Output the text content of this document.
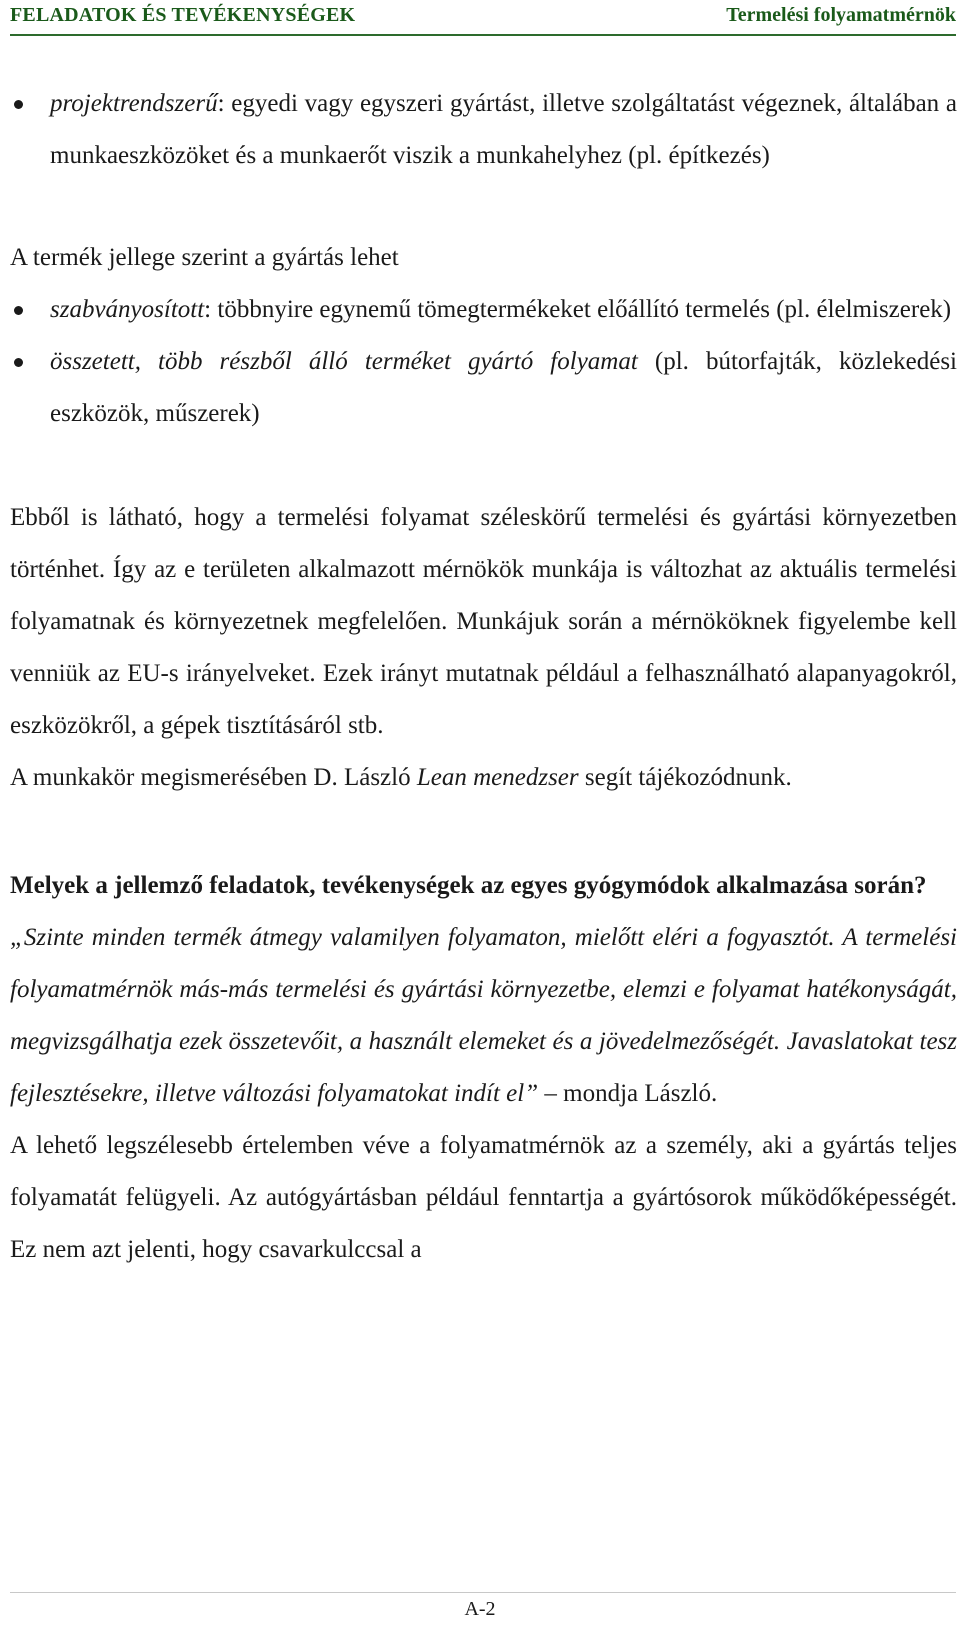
FELADATOK ÉS TEVÉKENYSÉGEK	Termelési folyamatmérnök

projektrendszerű: egyedi vagy egyszeri gyártást, illetve szolgáltatást végeznek, általában a munkaeszközöket és a munkaerőt viszik a munkahelyhez (pl. építkezés)

A termék jellege szerint a gyártás lehet

szabványosított: többnyire egynemű tömegtermékeket előállító termelés (pl. élelmiszerek)

összetett, több részből álló terméket gyártó folyamat (pl. bútorfajták, közlekedési eszközök, műszerek)

Ebből is látható, hogy a termelési folyamat széleskörű termelési és gyártási környezetben történhet. Így az e területen alkalmazott mérnökök munkája is változhat az aktuális termelési folyamatnak és környezetnek megfelelően. Munkájuk során a mérnököknek figyelembe kell venniük az EU-s irányelveket. Ezek irányt mutatnak például a felhasználható alapanyagokról, eszközökről, a gépek tisztításáról stb.

A munkakör megismerésében D. László Lean menedzser segít tájékozódnunk.

Melyek a jellemző feladatok, tevékenységek az egyes gyógymódok alkalmazása során?

„Szinte minden termék átmegy valamilyen folyamaton, mielőtt eléri a fogyasztót. A termelési folyamatmérnök más-más termelési és gyártási környezetbe, elemzi e folyamat hatékonyságát, megvizsgálhatja ezek összetevőit, a használt elemeket és a jövedelmezőségét. Javaslatokat tesz fejlesztésekre, illetve változási folyamatokat indít el” – mondja László.

A lehető legszélesebb értelemben véve a folyamatmérnök az a személy, aki a gyártás teljes folyamatát felügyeli. Az autógyártásban például fenntartja a gyártósorok működőképességét. Ez nem azt jelenti, hogy csavarkulccsal a

A-2
